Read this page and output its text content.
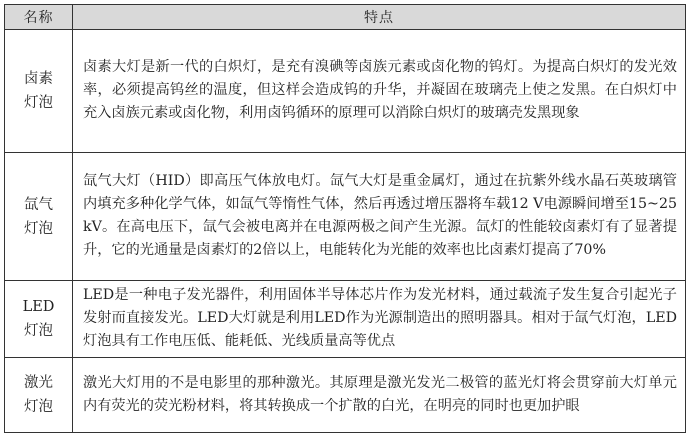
名称	特点

卤素
灯泡	卤素大灯是新一代的白炽灯，是充有溴碘等卤族元素或卤化物的钨灯。为提高白炽灯的发光效率，必须提高钨丝的温度，但这样会造成钨的升华，并凝固在玻璃壳上使之发黑。在白炽灯中充入卤族元素或卤化物，利用卤钨循环的原理可以消除白炽灯的玻璃壳发黑现象

氙气
灯泡	氙气大灯（HID）即高压气体放电灯。氙气大灯是重金属灯，通过在抗紫外线水晶石英玻璃管内填充多种化学气体，如氙气等惰性气体，然后再透过增压器将车载12 V电源瞬间增至15~25 kV。在高电压下，氙气会被电离并在电源两极之间产生光源。氙灯的性能较卤素灯有了显著提升，它的光通量是卤素灯的2倍以上，电能转化为光能的效率也比卤素灯提高了70%

LED
灯泡	LED是一种电子发光器件，利用固体半导体芯片作为发光材料，通过载流子发生复合引起光子发射而直接发光。LED大灯就是利用LED作为光源制造出的照明器具。相对于氙气灯泡，LED灯泡具有工作电压低、能耗低、光线质量高等优点

激光
灯泡	激光大灯用的不是电影里的那种激光。其原理是激光发光二极管的蓝光灯将会贯穿前大灯单元内有荧光的荧光粉材料，将其转换成一个扩散的白光，在明亮的同时也更加护眼
